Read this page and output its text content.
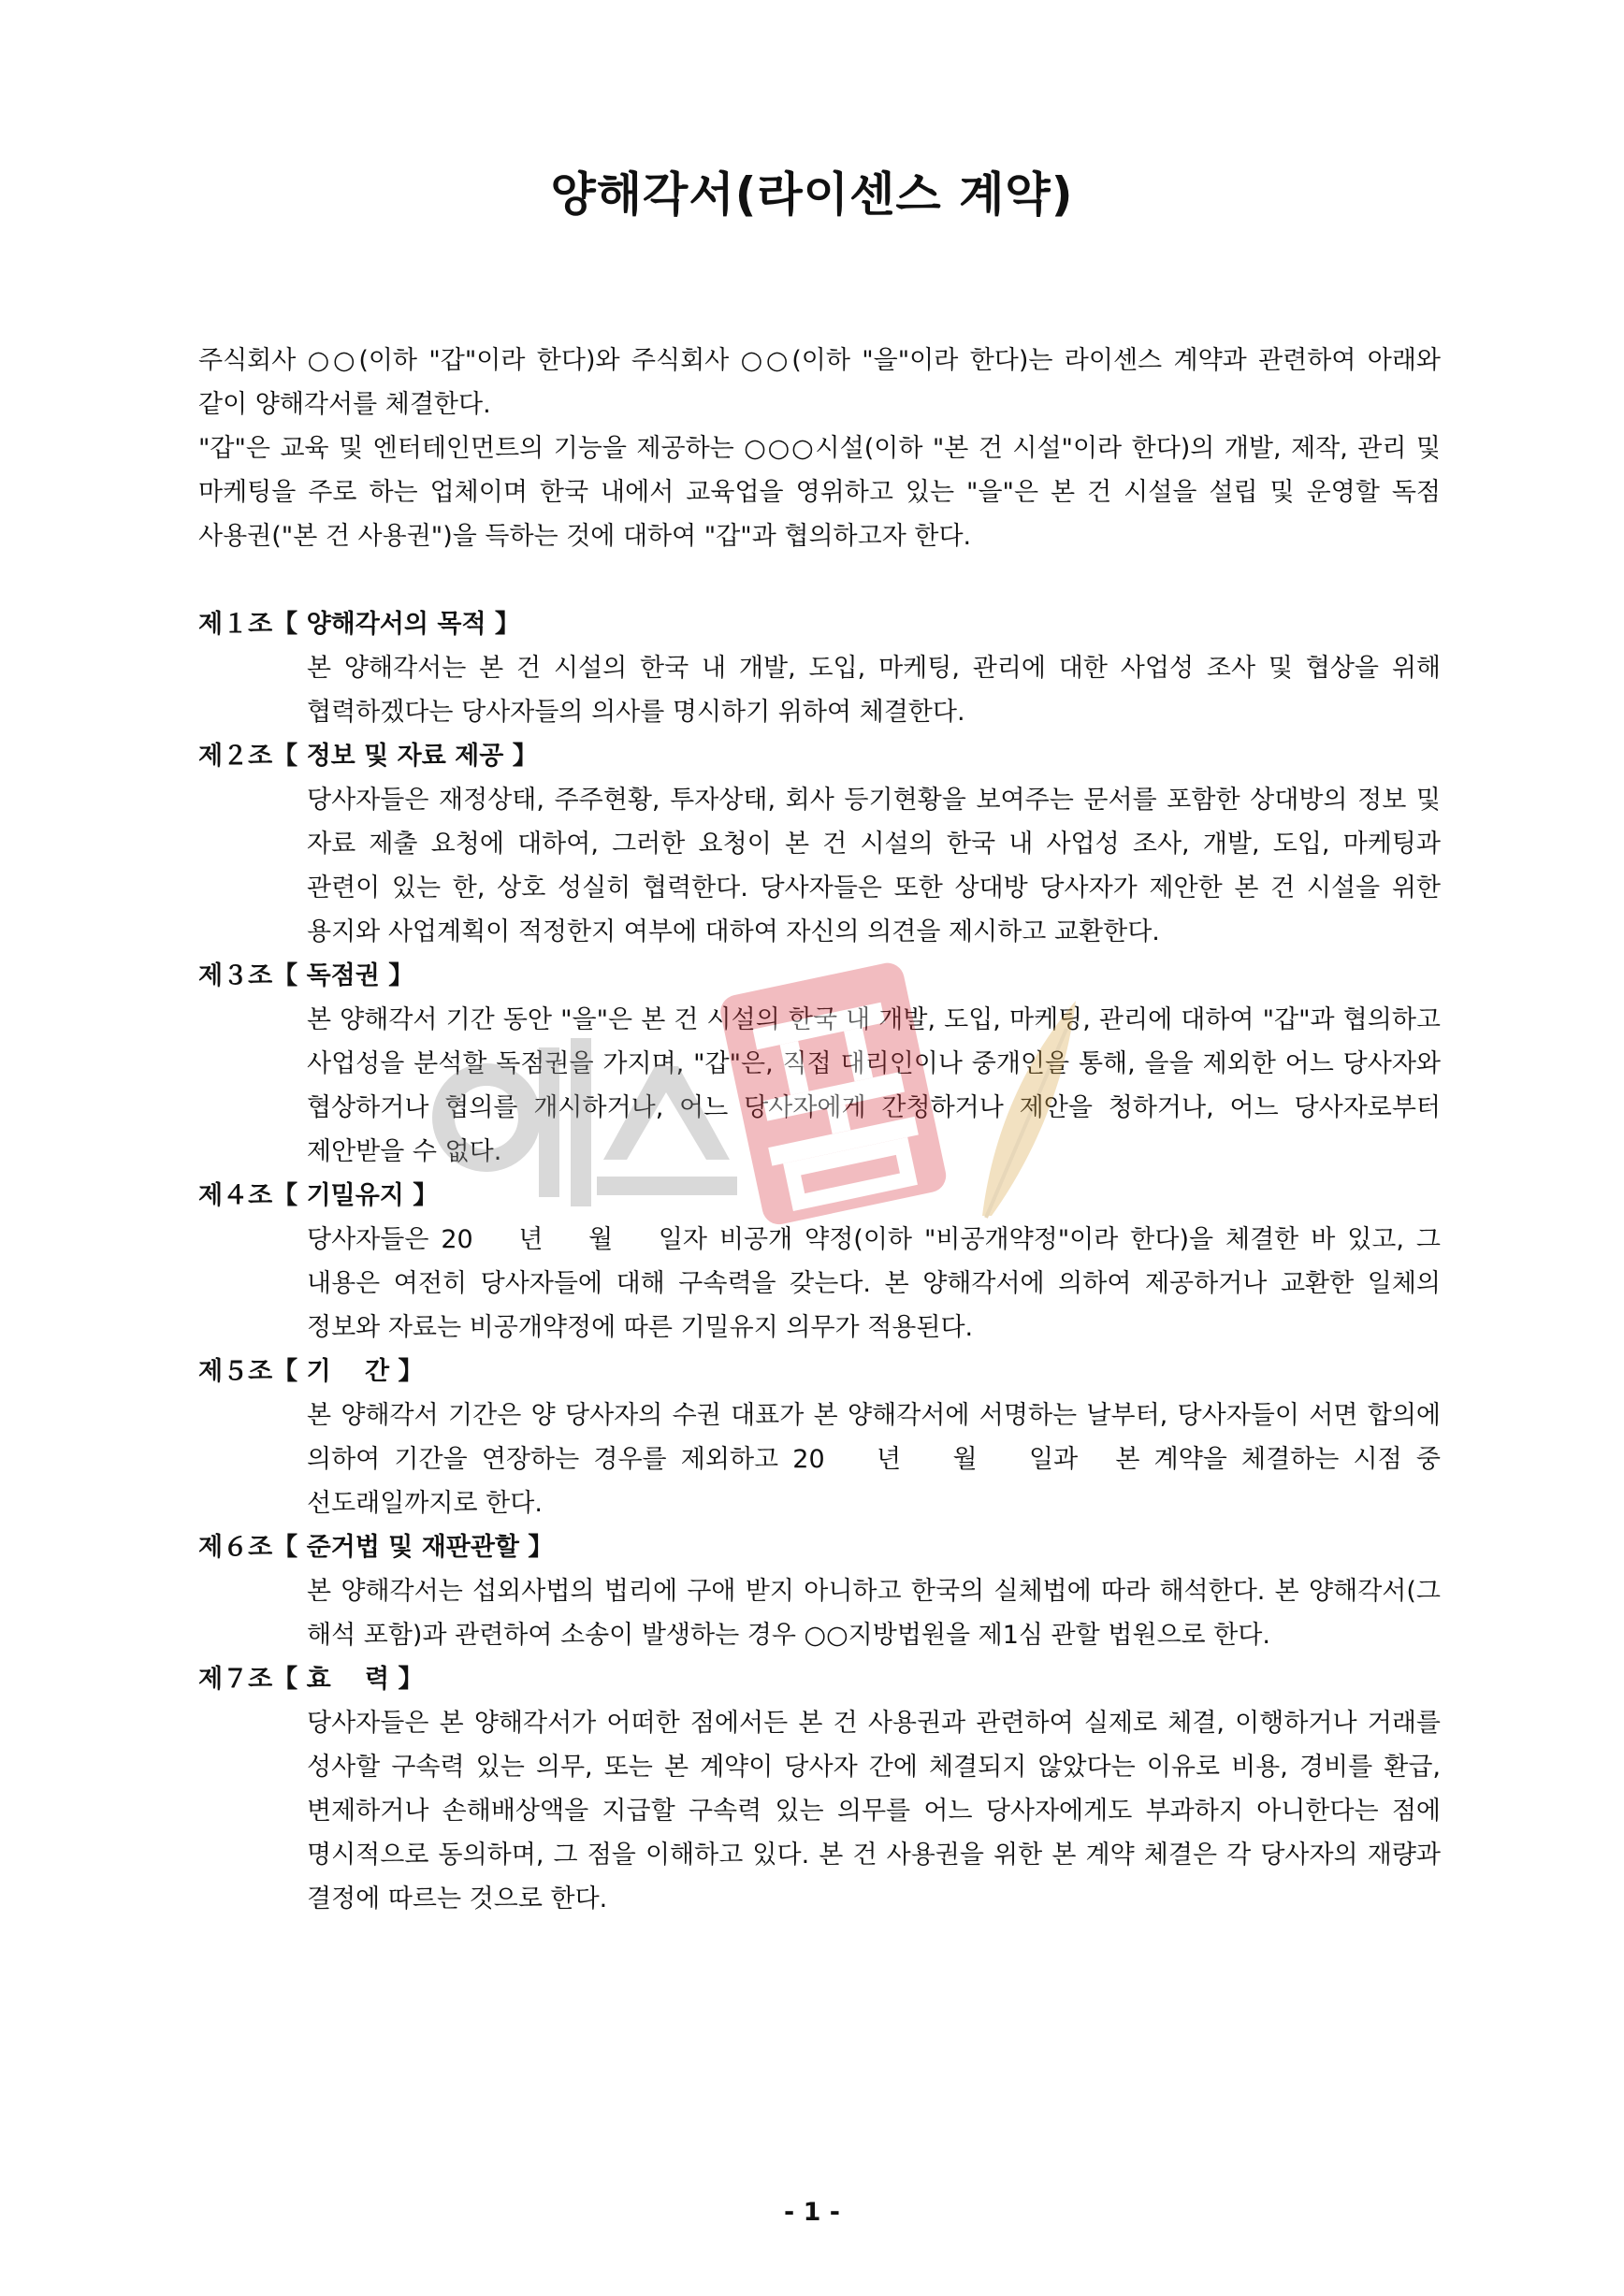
양해각서(라이센스 계약)

주식회사 ○○(이하 "갑"이라 한다)와 주식회사 ○○(이하 "을"이라 한다)는 라이센스 계약과 관련하여 아래와 같이 양해각서를 체결한다.

"갑"은 교육 및 엔터테인먼트의 기능을 제공하는 ○○○시설(이하 "본 건 시설"이라 한다)의 개발, 제작, 관리 및 마케팅을 주로 하는 업체이며 한국 내에서 교육업을 영위하고 있는 "을"은 본 건 시설을 설립 및 운영할 독점 사용권("본 건 사용권")을 득하는 것에 대하여 "갑"과 협의하고자 한다.

제１조【 양해각서의 목적 】

본 양해각서는 본 건 시설의 한국 내 개발, 도입, 마케팅, 관리에 대한 사업성 조사 및 협상을 위해 협력하겠다는 당사자들의 의사를 명시하기 위하여 체결한다.

제２조【 정보 및 자료 제공 】

당사자들은 재정상태, 주주현황, 투자상태, 회사 등기현황을 보여주는 문서를 포함한 상대방의 정보 및 자료 제출 요청에 대하여, 그러한 요청이 본 건 시설의 한국 내 사업성 조사, 개발, 도입, 마케팅과 관련이 있는 한, 상호 성실히 협력한다. 당사자들은 또한 상대방 당사자가 제안한 본 건 시설을 위한 용지와 사업계획이 적정한지 여부에 대하여 자신의 의견을 제시하고 교환한다.

제３조【 독점권 】

본 양해각서 기간 동안 "을"은 본 건 시설의 한국 내 개발, 도입, 마케팅, 관리에 대하여 "갑"과 협의하고 사업성을 분석할 독점권을 가지며, "갑"은, 직접 대리인이나 중개인을 통해, 을을 제외한 어느 당사자와 협상하거나 협의를 개시하거나, 어느 당사자에게 간청하거나 제안을 청하거나, 어느 당사자로부터 제안받을 수 없다.

제４조【 기밀유지 】

당사자들은 20　 년　 월　 일자 비공개 약정(이하 "비공개약정"이라 한다)을 체결한 바 있고, 그 내용은 여전히 당사자들에 대해 구속력을 갖는다. 본 양해각서에 의하여 제공하거나 교환한 일체의 정보와 자료는 비공개약정에 따른 기밀유지 의무가 적용된다.

제５조【 기　 간 】

본 양해각서 기간은 양 당사자의 수권 대표가 본 양해각서에 서명하는 날부터, 당사자들이 서면 합의에 의하여 기간을 연장하는 경우를 제외하고 20　 년　 월　 일과　본 계약을 체결하는 시점 중 선도래일까지로 한다.

제６조【 준거법 및 재판관할 】

본 양해각서는 섭외사법의 법리에 구애 받지 아니하고 한국의 실체법에 따라 해석한다. 본 양해각서(그 해석 포함)과 관련하여 소송이 발생하는 경우 ○○지방법원을 제1심 관할 법원으로 한다.

제７조【 효　 력 】

당사자들은 본 양해각서가 어떠한 점에서든 본 건 사용권과 관련하여 실제로 체결, 이행하거나 거래를 성사할 구속력 있는 의무, 또는 본 계약이 당사자 간에 체결되지 않았다는 이유로 비용, 경비를 환급, 변제하거나 손해배상액을 지급할 구속력 있는 의무를 어느 당사자에게도 부과하지 아니한다는 점에 명시적으로 동의하며, 그 점을 이해하고 있다. 본 건 사용권을 위한 본 계약 체결은 각 당사자의 재량과 결정에 따르는 것으로 한다.

- 1 -
